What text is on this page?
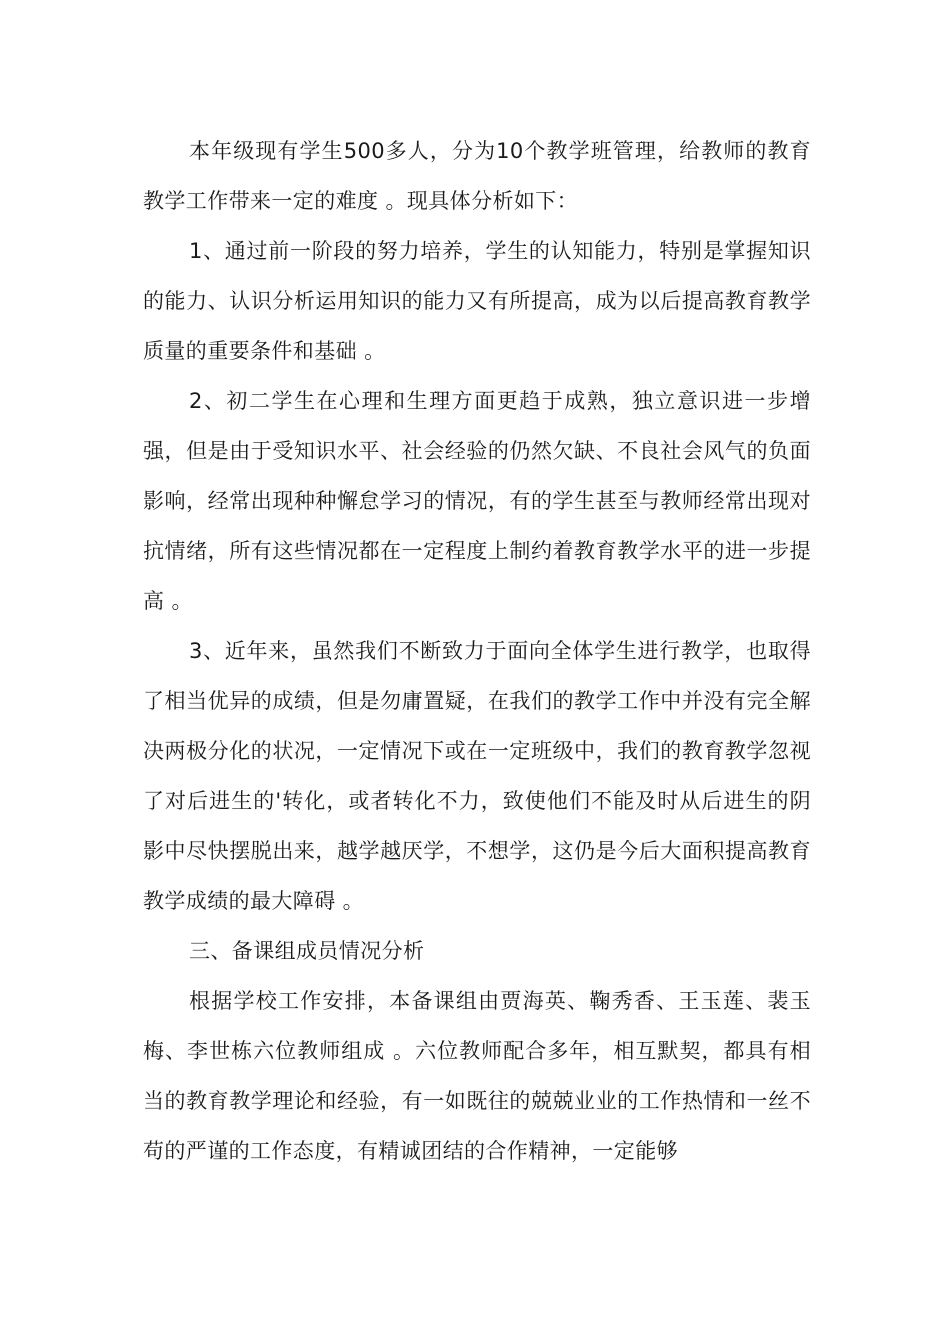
本年级现有学生500多人，分为10个教学班管理，给教师的教育教学工作带来一定的难度 。现具体分析如下：

1、通过前一阶段的努力培养，学生的认知能力，特别是掌握知识的能力、认识分析运用知识的能力又有所提高，成为以后提高教育教学质量的重要条件和基础 。

2、初二学生在心理和生理方面更趋于成熟，独立意识进一步增强，但是由于受知识水平、社会经验的仍然欠缺、不良社会风气的负面影响，经常出现种种懈怠学习的情况，有的学生甚至与教师经常出现对抗情绪，所有这些情况都在一定程度上制约着教育教学水平的进一步提高 。

3、近年来，虽然我们不断致力于面向全体学生进行教学，也取得了相当优异的成绩，但是勿庸置疑，在我们的教学工作中并没有完全解决两极分化的状况，一定情况下或在一定班级中，我们的教育教学忽视了对后进生的'转化，或者转化不力，致使他们不能及时从后进生的阴影中尽快摆脱出来，越学越厌学，不想学，这仍是今后大面积提高教育教学成绩的最大障碍 。

三、备课组成员情况分析

根据学校工作安排，本备课组由贾海英、鞠秀香、王玉莲、裴玉梅、李世栋六位教师组成 。六位教师配合多年，相互默契，都具有相当的教育教学理论和经验，有一如既往的兢兢业业的工作热情和一丝不苟的严谨的工作态度，有精诚团结的合作精神，一定能够
